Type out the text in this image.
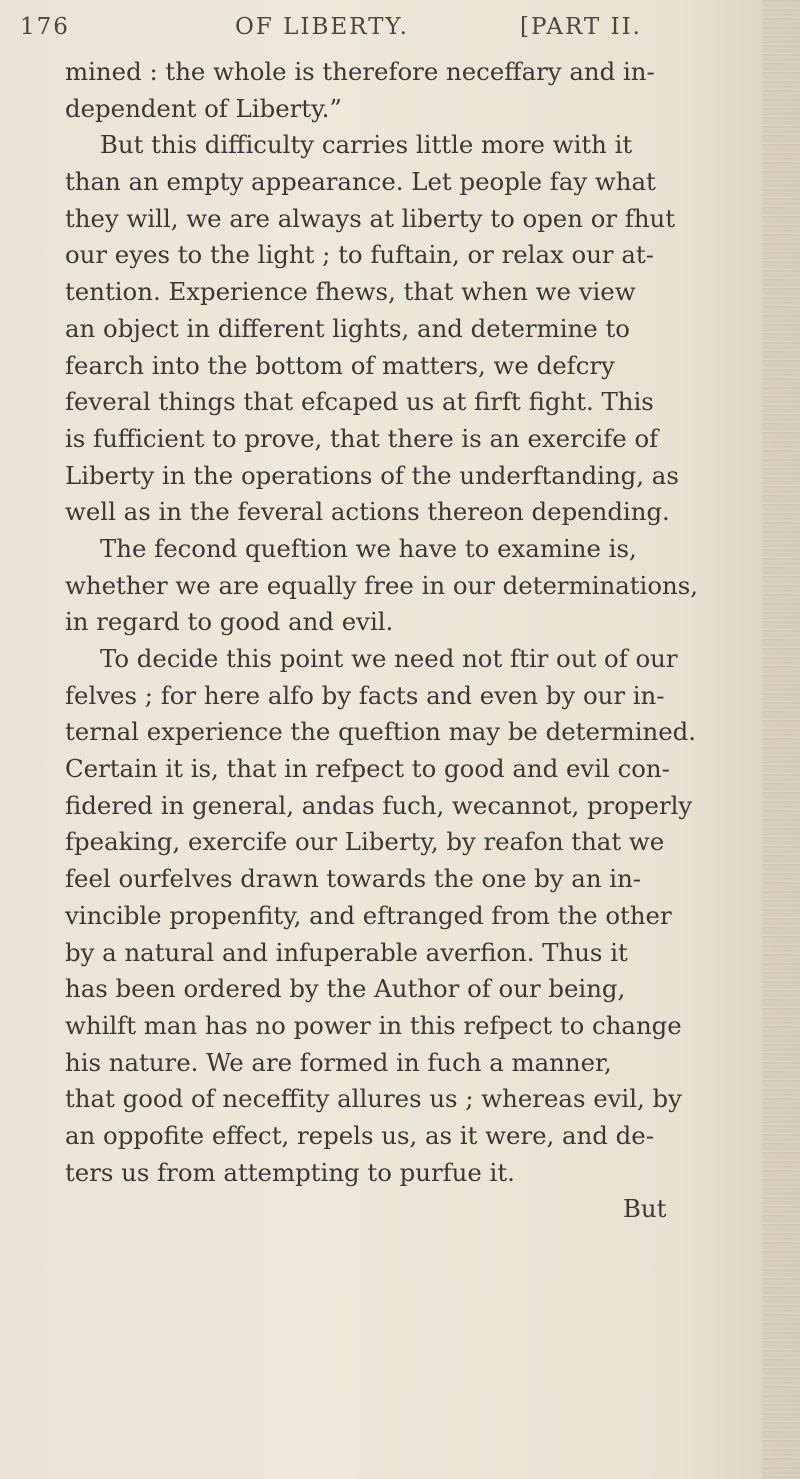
176	OF LIBERTY.	[PART II.
mined : the whole is therefore neceffary and in-
dependent of Liberty.”
But this difficulty carries little more with it
than an empty appearance. Let people fay what
they will, we are always at liberty to open or fhut
our eyes to the light ; to fuftain, or relax our at-
tention. Experience fhews, that when we view
an object in different lights, and determine to
fearch into the bottom of matters, we defcry
feveral things that efcaped us at firft fight. This
is fufficient to prove, that there is an exercife of
Liberty in the operations of the underftanding, as
well as in the feveral actions thereon depending.
The fecond queftion we have to examine is,
whether we are equally free in our determinations,
in regard to good and evil.
To decide this point we need not ftir out of our
felves ; for here alfo by facts and even by our in-
ternal experience the queftion may be determined.
Certain it is, that in refpect to good and evil con-
fidered in general, andas fuch, wecannot, properly
fpeaking, exercife our Liberty, by reafon that we
feel ourfelves drawn towards the one by an in-
vincible propenfity, and eftranged from the other
by a natural and infuperable averfion. Thus it
has been ordered by the Author of our being,
whilft man has no power in this refpect to change
his nature. We are formed in fuch a manner,
that good of neceffity allures us ; whereas evil, by
an oppofite effect, repels us, as it were, and de-
ters us from attempting to purfue it.
But
